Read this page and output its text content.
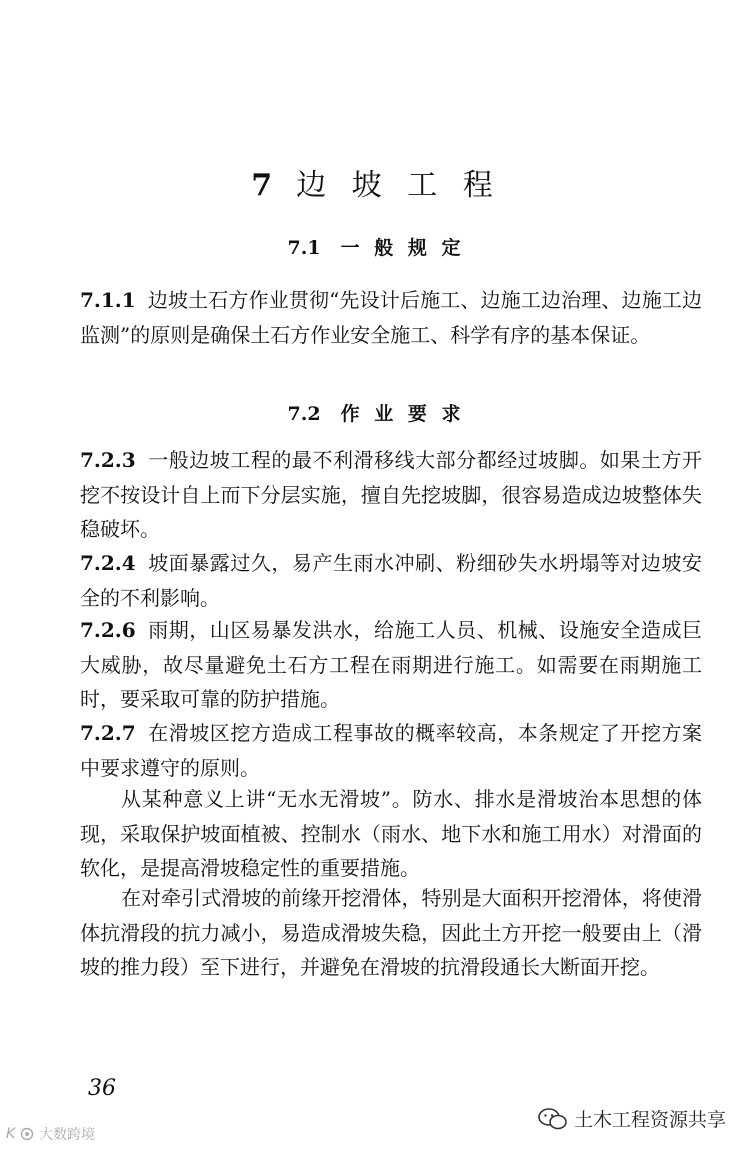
7 边 坡 工 程
7.1 一 般 规 定

7.1.1 边坡土石方作业贯彻“先设计后施工、边施工边治理、边施工边监测”的原则是确保土石方作业安全施工、科学有序的基本保证。

7.2 作 业 要 求

7.2.3 一般边坡工程的最不利滑移线大部分都经过坡脚。如果土方开挖不按设计自上而下分层实施，擅自先挖坡脚，很容易造成边坡整体失稳破坏。

7.2.4 坡面暴露过久，易产生雨水冲刷、粉细砂失水坍塌等对边坡安全的不利影响。

7.2.6 雨期，山区易暴发洪水，给施工人员、机械、设施安全造成巨大威胁，故尽量避免土石方工程在雨期进行施工。如需要在雨期施工时，要采取可靠的防护措施。

7.2.7 在滑坡区挖方造成工程事故的概率较高，本条规定了开挖方案中要求遵守的原则。

从某种意义上讲“无水无滑坡”。防水、排水是滑坡治本思想的体现，采取保护坡面植被、控制水（雨水、地下水和施工用水）对滑面的软化，是提高滑坡稳定性的重要措施。

在对牵引式滑坡的前缘开挖滑体，特别是大面积开挖滑体，将使滑体抗滑段的抗力减小，易造成滑坡失稳，因此土方开挖一般要由上（滑坡的推力段）至下进行，并避免在滑坡的抗滑段通长大断面开挖。

36
土木工程资源共享
K 大数跨境
